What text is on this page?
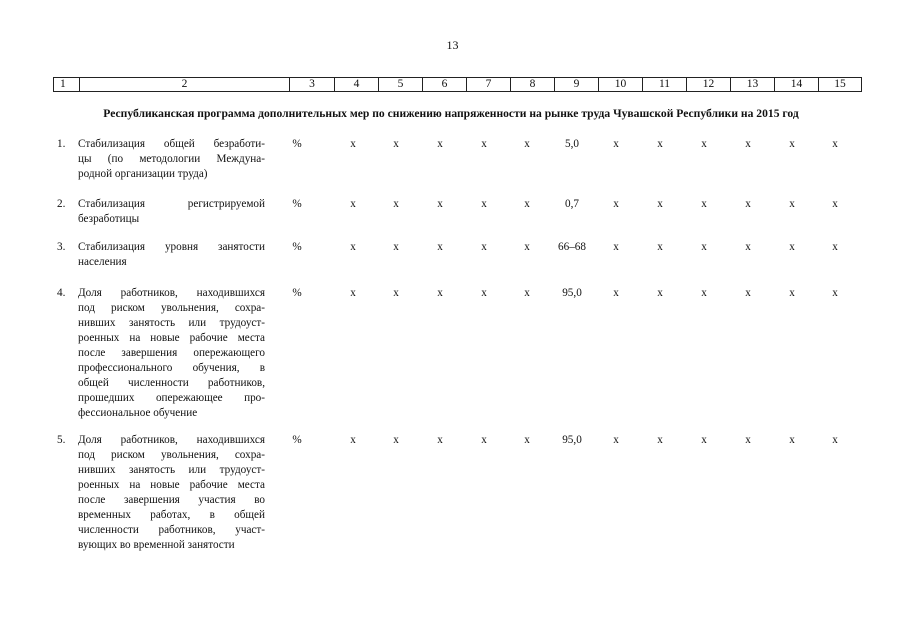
13
1	2	3	4	5	6	7	8	9	10	11	12	13	14	15
Республиканская программа дополнительных мер по снижению напряженности на рынке труда Чувашской Республики на 2015 год
1. Стабилизация общей безработи-
цы (по методологии Междуна-
родной организации труда)
%	x	x	x	x	x	5,0	x	x	x	x	x	x
2. Стабилизация регистрируемой
безработицы
%	x	x	x	x	x	0,7	x	x	x	x	x	x
3. Стабилизация уровня занятости
населения
%	x	x	x	x	x	66–68	x	x	x	x	x	x
4. Доля работников, находившихся
под риском увольнения, сохра-
нивших занятость или трудоуст-
роенных на новые рабочие места
после завершения опережающего
профессионального обучения, в
общей численности работников,
прошедших опережающее про-
фессиональное обучение
%	x	x	x	x	x	95,0	x	x	x	x	x	x
5. Доля работников, находившихся
под риском увольнения, сохра-
нивших занятость или трудоуст-
роенных на новые рабочие места
после завершения участия во
временных работах, в общей
численности работников, участ-
вующих во временной занятости
%	x	x	x	x	x	95,0	x	x	x	x	x	x
